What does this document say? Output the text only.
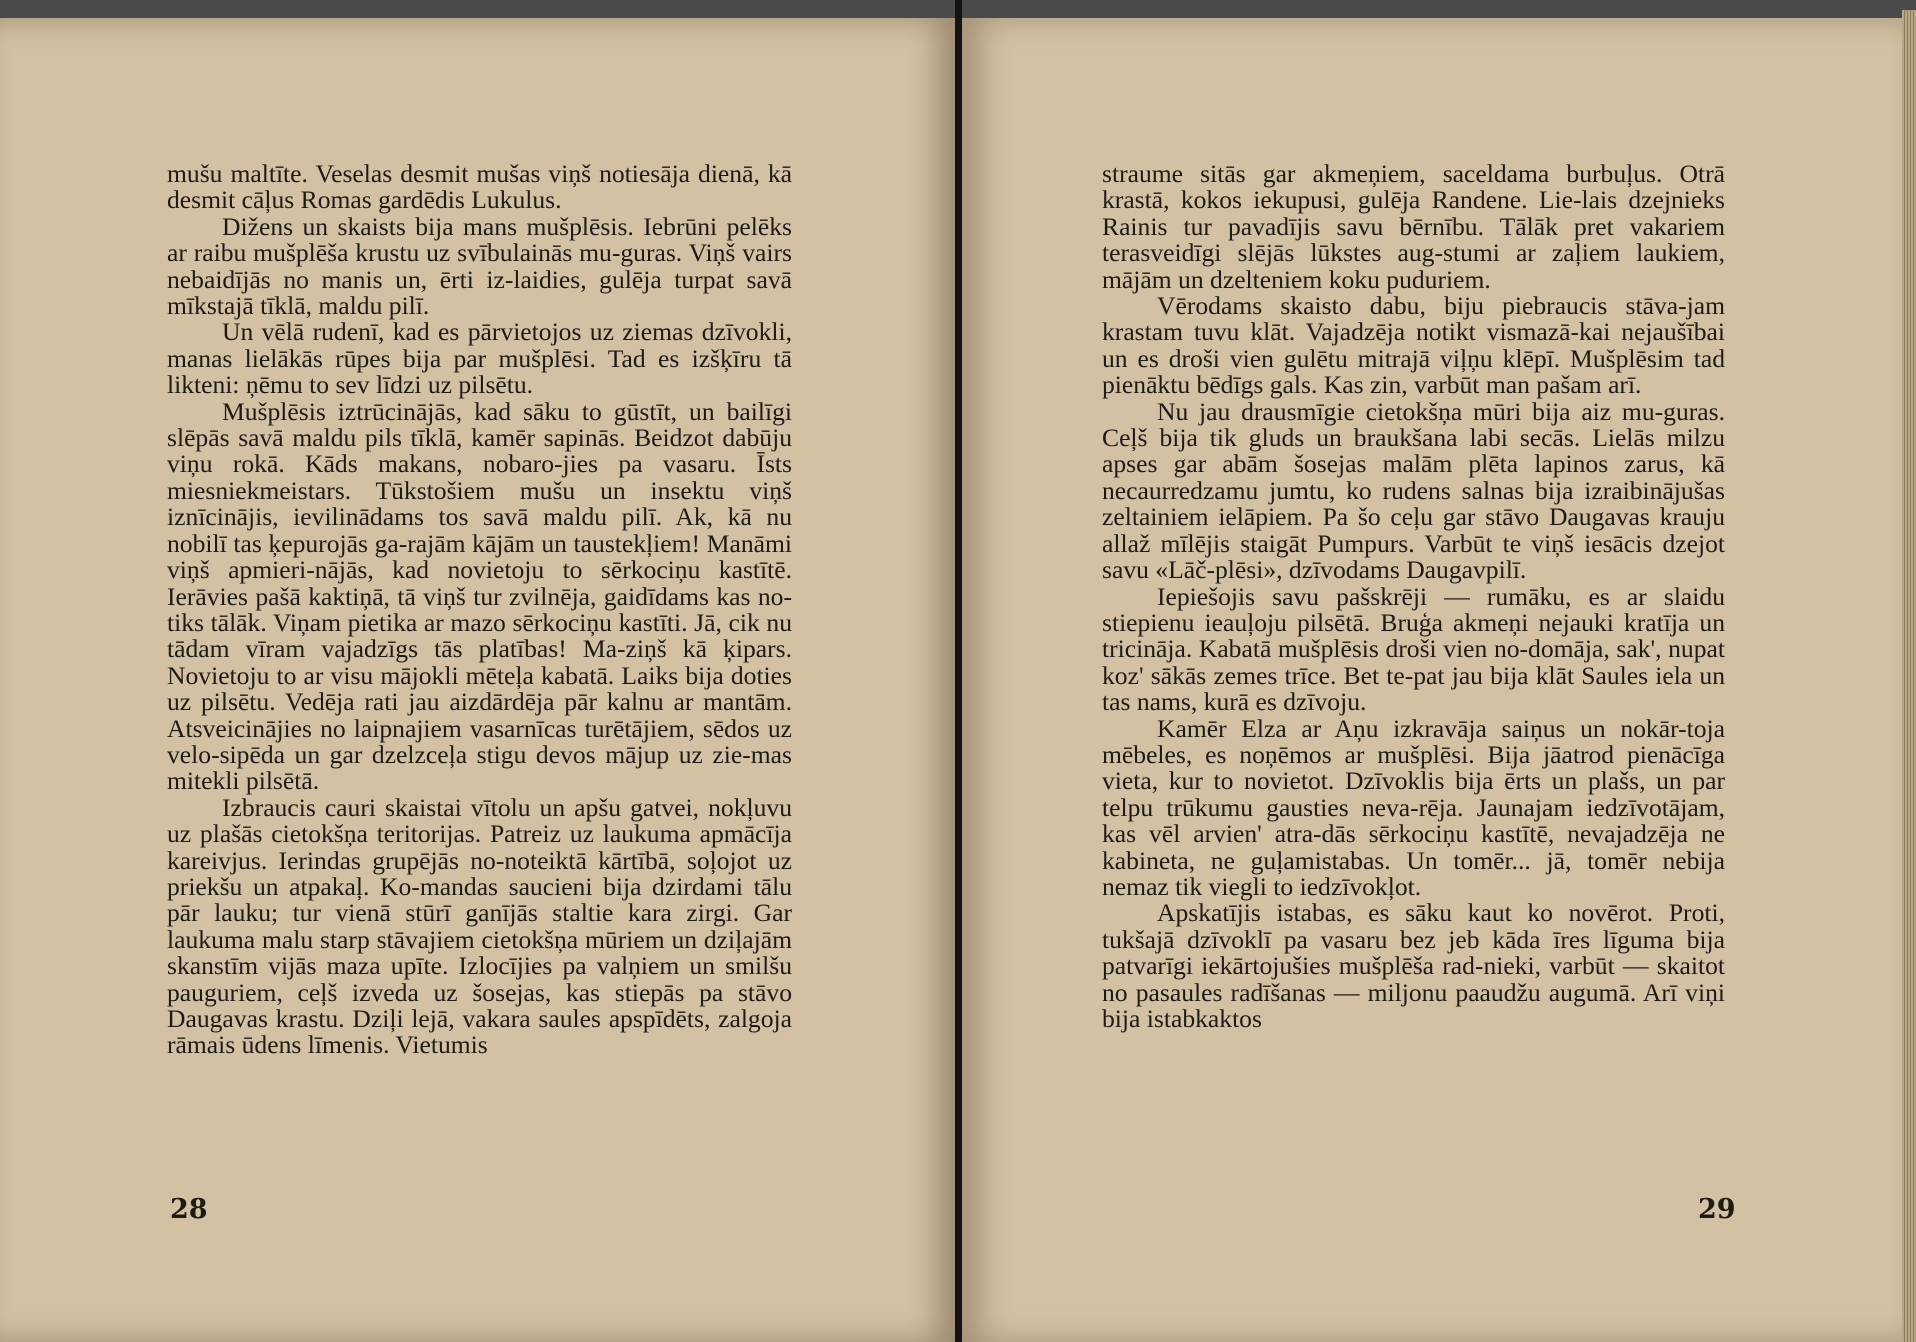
mušu maltīte. Veselas desmit mušas viņš notiesāja dienā, kā desmit cāļus Romas gardēdis Lukulus.

Dižens un skaists bija mans mušplēsis. Iebrūni pelēks ar raibu mušplēša krustu uz svībulainās mu-guras. Viņš vairs nebaidījās no manis un, ērti iz-laidies, gulēja turpat savā mīkstajā tīklā, maldu pilī.

Un vēlā rudenī, kad es pārvietojos uz ziemas dzīvokli, manas lielākās rūpes bija par mušplēsi. Tad es izšķīru tā likteni: ņēmu to sev līdzi uz pilsētu.

Mušplēsis iztrūcinājās, kad sāku to gūstīt, un bailīgi slēpās savā maldu pils tīklā, kamēr sapinās. Beidzot dabūju viņu rokā. Kāds makans, nobaro-jies pa vasaru. Īsts miesniekmeistars. Tūkstošiem mušu un insektu viņš iznīcinājis, ievilinādams tos savā maldu pilī. Ak, kā nu nobilī tas ķepurojās ga-rajām kājām un taustekļiem! Manāmi viņš apmieri-nājās, kad novietoju to sērkociņu kastītē. Ierāvies pašā kaktiņā, tā viņš tur zvilnēja, gaidīdams kas no-tiks tālāk. Viņam pietika ar mazo sērkociņu kastīti. Jā, cik nu tādam vīram vajadzīgs tās platības! Ma-ziņš kā ķipars. Novietoju to ar visu mājokli mēteļa kabatā. Laiks bija doties uz pilsētu. Vedēja rati jau aizdārdēja pār kalnu ar mantām. Atsveicinājies no laipnajiem vasarnīcas turētājiem, sēdos uz velo-sipēda un gar dzelzceļa stigu devos mājup uz zie-mas mitekli pilsētā.

Izbraucis cauri skaistai vītolu un apšu gatvei, nokļuvu uz plašās cietokšņa teritorijas. Patreiz uz laukuma apmācīja kareivjus. Ierindas grupējās no-noteiktā kārtībā, soļojot uz priekšu un atpakaļ. Ko-mandas saucieni bija dzirdami tālu pār lauku; tur vienā stūrī ganījās staltie kara zirgi. Gar laukuma malu starp stāvajiem cietokšņa mūriem un dziļajām skanstīm vijās maza upīte. Izlocījies pa valņiem un smilšu pauguriem, ceļš izveda uz šosejas, kas stiepās pa stāvo Daugavas krastu. Dziļi lejā, vakara saules apspīdēts, zalgoja rāmais ūdens līmenis. Vietumis

28

straume sitās gar akmeņiem, saceldama burbuļus. Otrā krastā, kokos iekupusi, gulēja Randene. Lie-lais dzejnieks Rainis tur pavadījis savu bērnību. Tālāk pret vakariem terasveidīgi slējās lūkstes aug-stumi ar zaļiem laukiem, mājām un dzelteniem koku puduriem.

Vērodams skaisto dabu, biju piebraucis stāva-jam krastam tuvu klāt. Vajadzēja notikt vismazā-kai nejaušībai un es droši vien gulētu mitrajā viļņu klēpī. Mušplēsim tad pienāktu bēdīgs gals. Kas zin, varbūt man pašam arī.

Nu jau drausmīgie cietokšņa mūri bija aiz mu-guras. Ceļš bija tik gluds un braukšana labi secās. Lielās milzu apses gar abām šosejas malām plēta lapinos zarus, kā necaurredzamu jumtu, ko rudens salnas bija izraibinājušas zeltainiem ielāpiem. Pa šo ceļu gar stāvo Daugavas krauju allaž mīlējis staigāt Pumpurs. Varbūt te viņš iesācis dzejot savu «Lāč-plēsi», dzīvodams Daugavpilī.

Iepiešojis savu pašskrēji — rumāku, es ar slaidu stiepienu ieauļoju pilsētā. Bruģa akmeņi nejauki kratīja un tricināja. Kabatā mušplēsis droši vien no-domāja, sak', nupat koz' sākās zemes trīce. Bet te-pat jau bija klāt Saules iela un tas nams, kurā es dzīvoju.

Kamēr Elza ar Aņu izkravāja saiņus un nokār-toja mēbeles, es noņēmos ar mušplēsi. Bija jāatrod pienācīga vieta, kur to novietot. Dzīvoklis bija ērts un plašs, un par telpu trūkumu gausties neva-rēja. Jaunajam iedzīvotājam, kas vēl arvien' atra-dās sērkociņu kastītē, nevajadzēja ne kabineta, ne guļamistabas. Un tomēr... jā, tomēr nebija nemaz tik viegli to iedzīvokļot.

Apskatījis istabas, es sāku kaut ko novērot. Proti, tukšajā dzīvoklī pa vasaru bez jeb kāda īres līguma bija patvarīgi iekārtojušies mušplēša rad-nieki, varbūt — skaitot no pasaules radīšanas — miljonu paaudžu augumā. Arī viņi bija istabkaktos

29
